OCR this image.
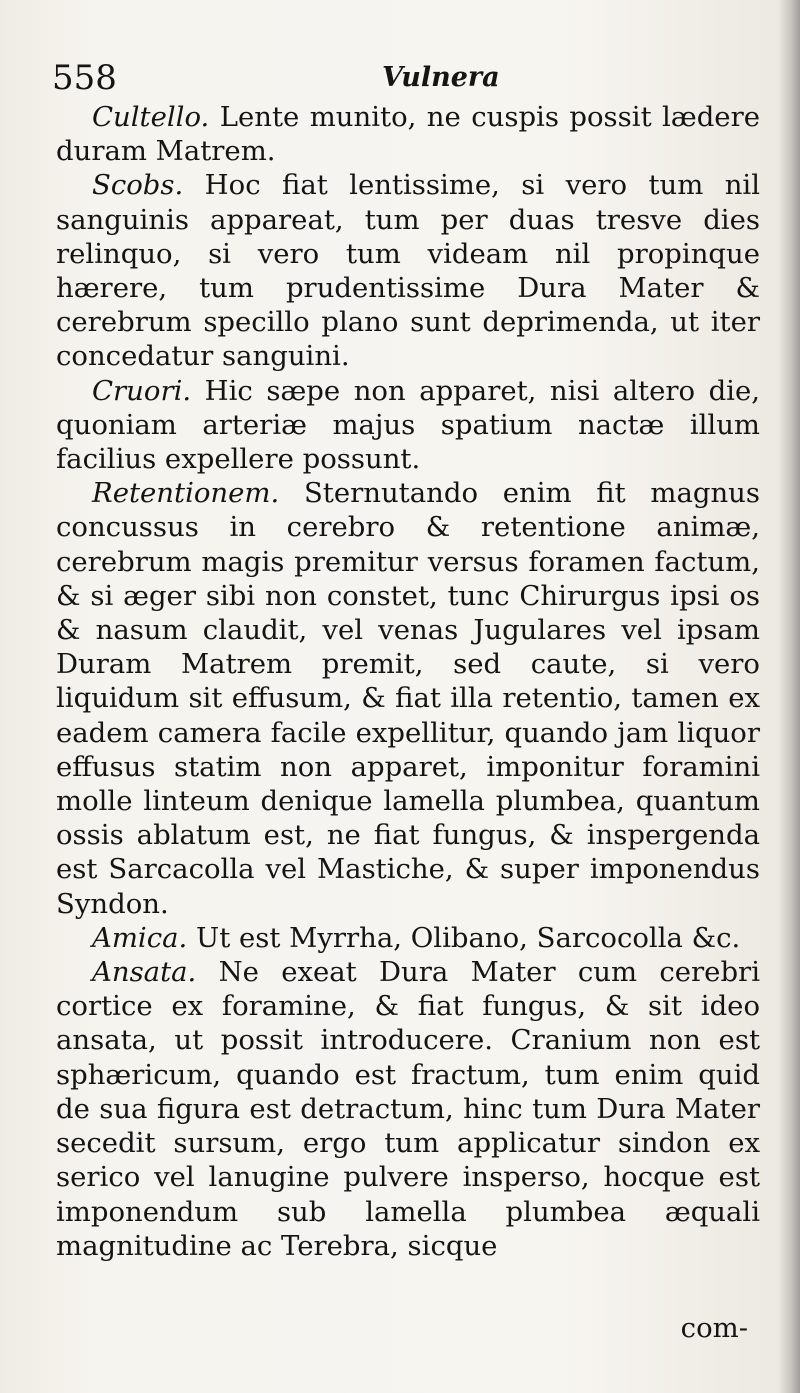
558	Vulnera

Cultello. Lente munito, ne cuspis possit lædere duram Matrem.

Scobs. Hoc fiat lentissime, si vero tum nil sanguinis appareat, tum per duas tresve dies relinquo, si vero tum videam nil propinque hærere, tum prudentissime Dura Mater & cerebrum specillo plano sunt deprimenda, ut iter concedatur sanguini.

Cruori. Hic sæpe non apparet, nisi altero die, quoniam arteriæ majus spatium nactæ illum facilius expellere possunt.

Retentionem. Sternutando enim fit magnus concussus in cerebro & retentione animæ, cerebrum magis premitur versus foramen factum, & si æger sibi non constet, tunc Chirurgus ipsi os & nasum claudit, vel venas Jugulares vel ipsam Duram Matrem premit, sed caute, si vero liquidum sit effusum, & fiat illa retentio, tamen ex eadem camera facile expellitur, quando jam liquor effusus statim non apparet, imponitur foramini molle linteum denique lamella plumbea, quantum ossis ablatum est, ne fiat fungus, & inspergenda est Sarcacolla vel Mastiche, & super imponendus Syndon.

Amica. Ut est Myrrha, Olibano, Sarcocolla &c.

Ansata. Ne exeat Dura Mater cum cerebri cortice ex foramine, & fiat fungus, & sit ideo ansata, ut possit introducere. Cranium non est sphæricum, quando est fractum, tum enim quid de sua figura est detractum, hinc tum Dura Mater secedit sursum, ergo tum applicatur sindon ex serico vel lanugine pulvere inspersо, hocque est imponendum sub lamella plumbea æquali magnitudine ac Terebra, sicque

com-
